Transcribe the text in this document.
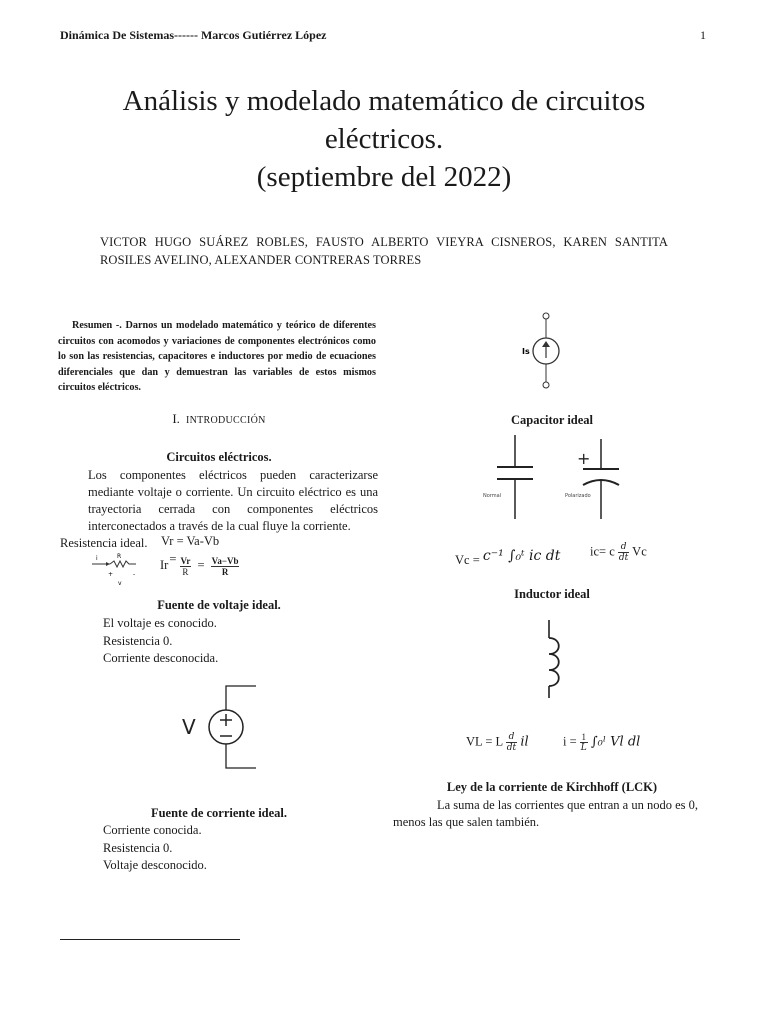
Dinámica De Sistemas------ Marcos Gutiérrez López	1
Análisis y modelado matemático de circuitos
eléctricos.
(septiembre del 2022)
VICTOR HUGO SUÁREZ ROBLES, FAUSTO ALBERTO VIEYRA CISNEROS, KAREN SANTITA ROSILES AVELINO, ALEXANDER CONTRERAS TORRES
Resumen -. Darnos un modelado matemático y teórico de diferentes circuitos con acomodos y variaciones de componentes electrónicos como lo son las resistencias, capacitores e inductores por medio de ecuaciones diferenciales que dan y demuestran las variables de estos mismos circuitos eléctricos.
I. INTRODUCCIÓN
Circuitos eléctricos.
Los componentes eléctricos pueden caracterizarse mediante voltaje o corriente. Un circuito eléctrico es una trayectoria cerrada con componentes eléctricos interconectados a través de la cual fluye la corriente.
Resistencia ideal.	Vr = Va-Vb
$Ir= \frac{Vr}{R} = \frac{Va-Vb}{R}$
i	R
+	-
v
Fuente de voltaje ideal.
El voltaje es conocido.
Resistencia 0.
Corriente desconocida.
V
Fuente de corriente ideal.
Corriente conocida.
Resistencia 0.
Voltaje desconocido.
Is
Capacitor ideal
+
Normal	Polarizado
Vc = c⁻¹ ∫₀ᵗ ic dt ic= c $\frac{d}{dt}$ Vc
Inductor ideal
VL = L $\frac{d}{dt}$ il	$i = \frac{1}{L}$ ∫₀ˡ Vl dl
Ley de la corriente de Kirchhoff (LCK)
La suma de las corrientes que entran a un nodo es 0, menos las que salen también.
